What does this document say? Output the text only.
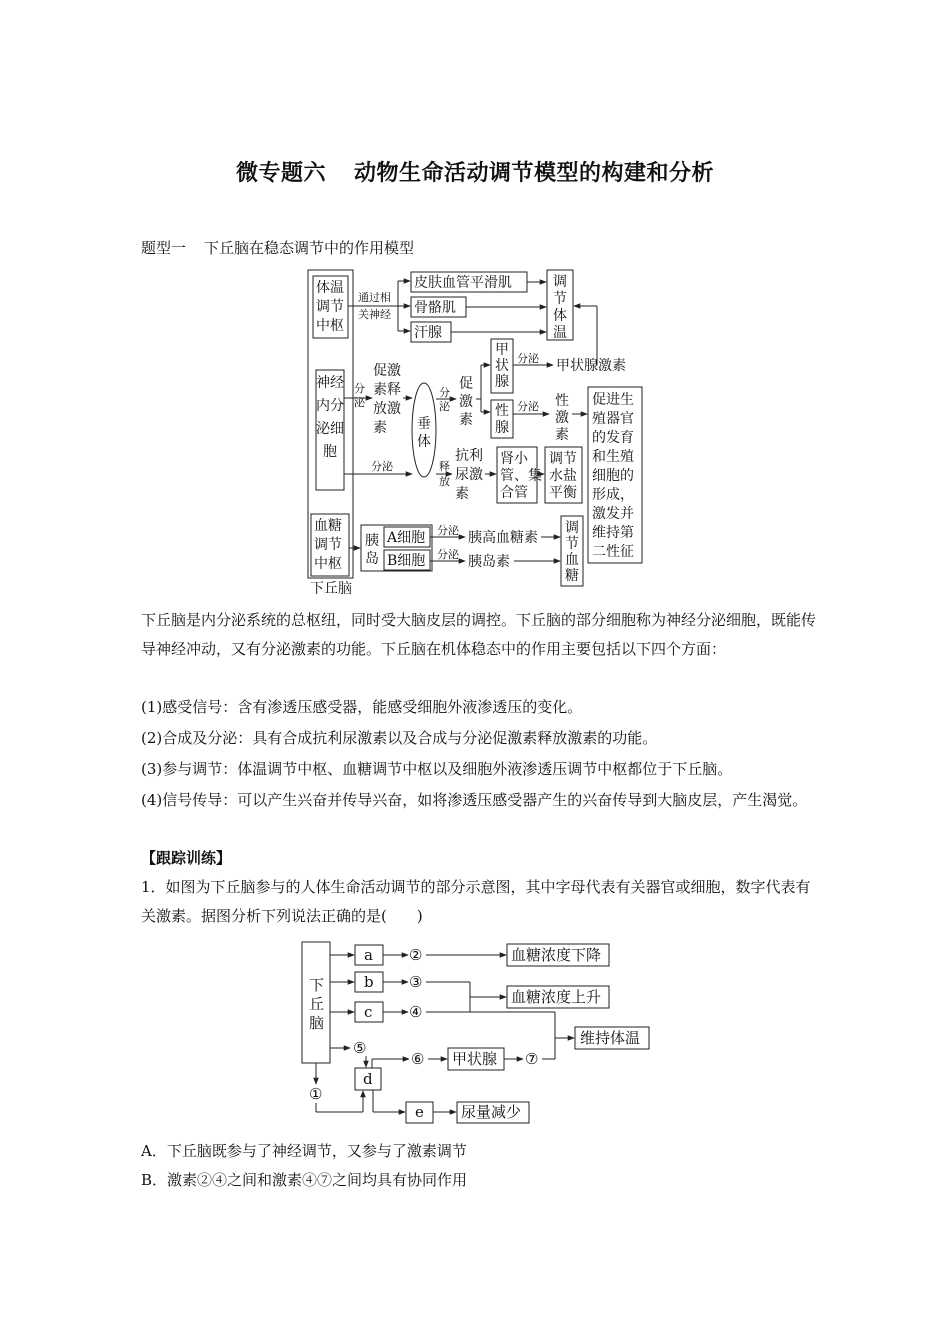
微专题六 动物生命活动调节模型的构建和分析
题型一 下丘脑在稳态调节中的作用模型
下丘脑
体温
调节
中枢
神经
内分
泌细
胞
血糖
调节
中枢
通过相
关神经
皮肤血管平滑肌
骨骼肌
汗腺
调
节
体
温
分
泌
促激
素释
放激
素 垂
体
分
泌
促
激
素
甲
状
腺
分泌 甲状腺激素
性
腺
分泌 性
激
素
促进生
殖器官
的发育
和生殖
细胞的
形成，
激发并
维持第
二性征
分泌	释
放
抗利
尿激
素
肾小
管、集
合管
调节
水盐
平衡
胰
岛
A细胞
B细胞
分泌
分泌
胰高血糖素
胰岛素
调
节
血
糖
下丘脑是内分泌系统的总枢纽，同时受大脑皮层的调控。下丘脑的部分细胞称为神经分泌细胞，既能传导神经冲动，又有分泌激素的功能。下丘脑在机体稳态中的作用主要包括以下四个方面：
(1)感受信号：含有渗透压感受器，能感受细胞外液渗透压的变化。
(2)合成及分泌：具有合成抗利尿激素以及合成与分泌促激素释放激素的功能。
(3)参与调节：体温调节中枢、血糖调节中枢以及细胞外液渗透压调节中枢都位于下丘脑。
(4)信号传导：可以产生兴奋并传导兴奋，如将渗透压感受器产生的兴奋传导到大脑皮层，产生渴觉。
【跟踪训练】
1．如图为下丘脑参与的人体生命活动调节的部分示意图，其中字母代表有关器官或细胞，数字代表有关激素。据图分析下列说法正确的是(　　)
下
丘
脑
a
b
c
②
③
④
⑤
血糖浓度下降
血糖浓度上升
维持体温
d
⑥ 甲状腺 ⑦
①
e 尿量减少
A．下丘脑既参与了神经调节，又参与了激素调节
B．激素②④之间和激素④⑦之间均具有协同作用
